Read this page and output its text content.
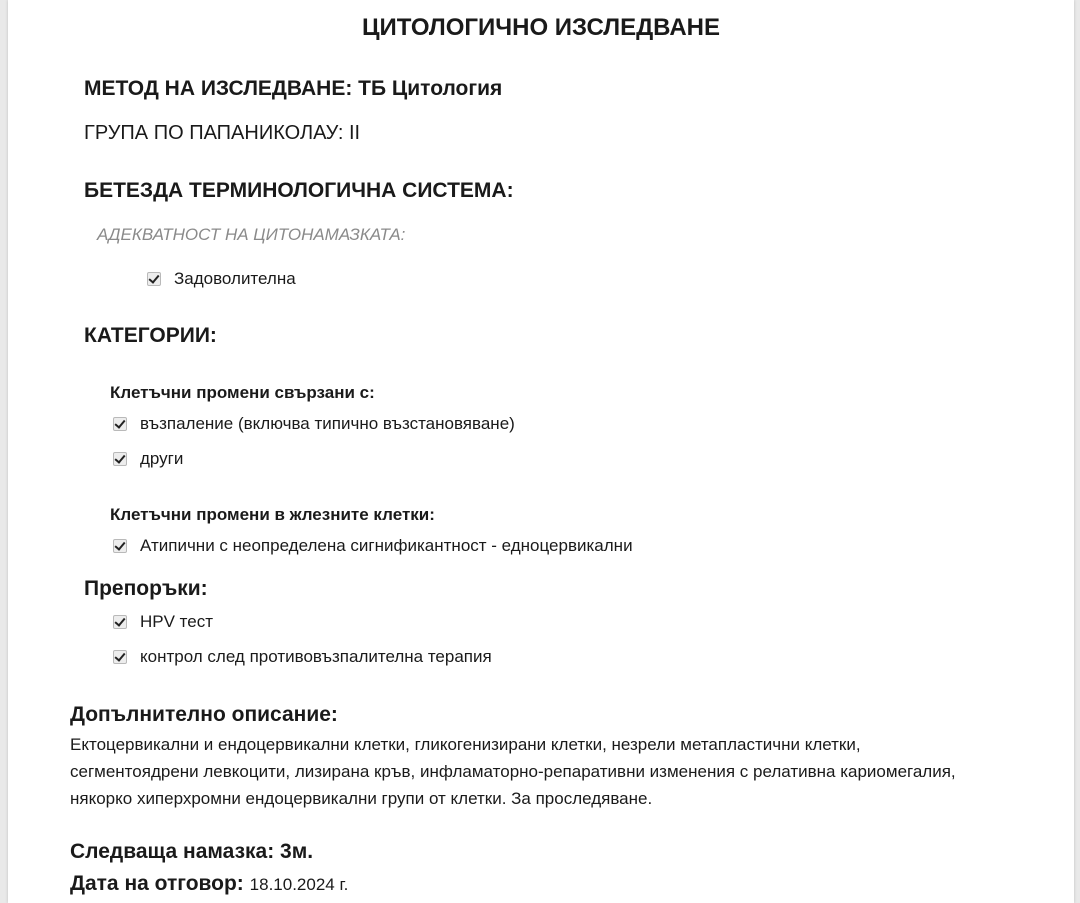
ЦИТОЛОГИЧНО ИЗСЛЕДВАНЕ
МЕТОД НА ИЗСЛЕДВАНЕ: ТБ Цитология
ГРУПА ПО ПАПАНИКОЛАУ: II
БЕТЕЗДА ТЕРМИНОЛОГИЧНА СИСТЕМА:
АДЕКВАТНОСТ НА ЦИТОНАМАЗКАТА:
Задоволителна
КАТЕГОРИИ:
Клетъчни промени свързани с:
възпаление (включва типично възстановяване)
други
Клетъчни промени в жлезните клетки:
Атипични с неопределена сигнификантност - едноцервикални
Препоръки:
HPV тест
контрол след противовъзпалителна терапия
Допълнително описание:
Ектоцервикални и ендоцервикални клетки, гликогенизирани клетки, незрели метапластични клетки, сегментоядрени левкоцити, лизирана кръв, инфламаторно-репаративни изменения с релативна кариомегалия, някорко хиперхромни ендоцервикални групи от клетки. За проследяване.
Следваща намазка: 3м.
Дата на отговор: 18.10.2024 г.
